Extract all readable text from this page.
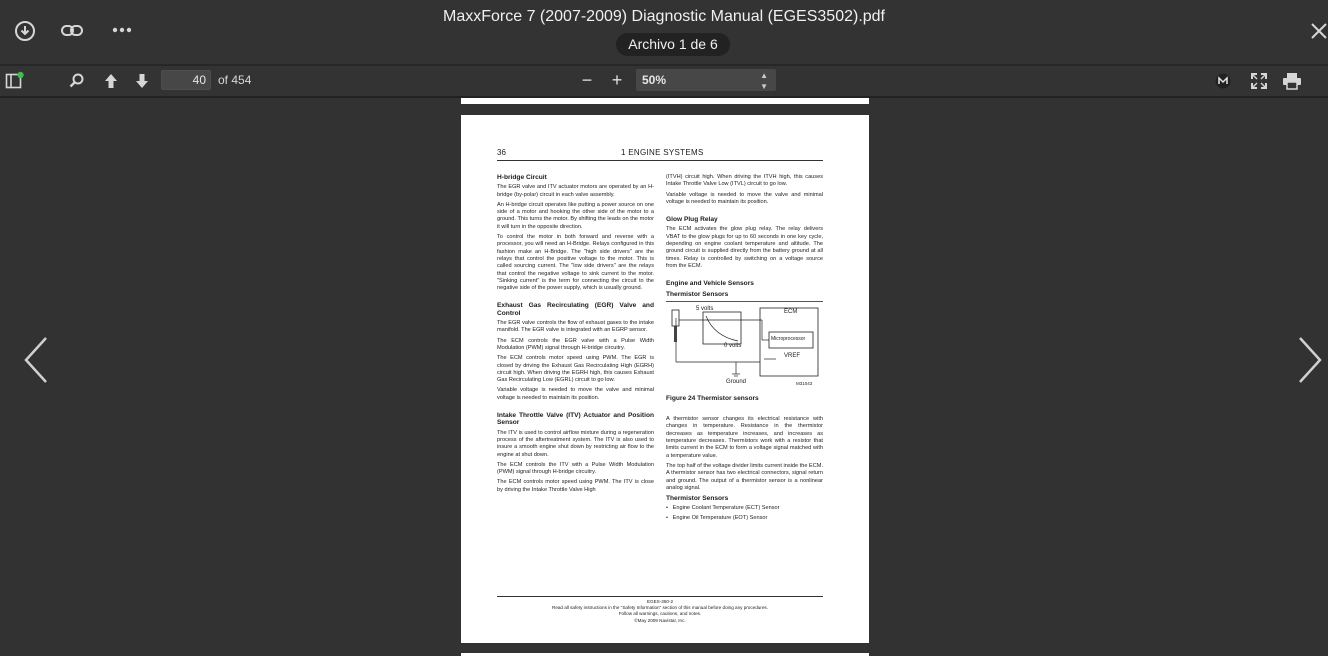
MaxxForce 7 (2007-2009) Diagnostic Manual (EGES3502).pdf
Archivo 1 de 6
40
of 454	− +	50%	▲
▼
36	1 ENGINE SYSTEMS
H-bridge Circuit

The EGR valve and ITV actuator motors are operated by an H-bridge (by-polar) circuit in each valve assembly.

An H-bridge circuit operates like putting a power source on one side of a motor and hooking the other side of the motor to a ground. This turns the motor. By shifting the leads on the motor it will turn in the opposite direction.

To control the motor in both forward and reverse with a processor, you will need an H-Bridge. Relays configured in this fashion make an H-Bridge. The "high side drivers" are the relays that control the positive voltage to the motor. This is called sourcing current. The "low side drivers" are the relays that control the negative voltage to sink current to the motor. "Sinking current" is the term for connecting the circuit to the negative side of the power supply, which is usually ground.

Exhaust Gas Recirculating (EGR) Valve and Control

The EGR valve controls the flow of exhaust gases to the intake manifold. The EGR valve is integrated with an EGRP sensor.

The ECM controls the EGR valve with a Pulse Width Modulation (PWM) signal through H-bridge circuitry.

The ECM controls motor speed using PWM. The EGR is closed by driving the Exhaust Gas Recirculating High (EGRH) circuit high. When driving the EGRH high, this causes Exhaust Gas Recirculating Low (EGRL) circuit to go low.

Variable voltage is needed to move the valve and minimal voltage is needed to maintain its position.

Intake Throttle Valve (ITV) Actuator and Position Sensor

The ITV is used to control airflow mixture during a regeneration process of the aftertreatment system. The ITV is also used to insure a smooth engine shut down by restricting air flow to the engine at shut down.

The ECM controls the ITV with a Pulse Width Modulation (PWM) signal through H-bridge circuitry.

The ECM controls motor speed using PWM. The ITV is close by driving the Intake Throttle Valve High

(ITVH) circuit high. When driving the ITVH high, this causes Intake Throttle Valve Low (ITVL) circuit to go low.

Variable voltage is needed to move the valve and minimal voltage is needed to maintain its position.

Glow Plug Relay

The ECM activates the glow plug relay. The relay delivers VBAT to the glow plugs for up to 60 seconds in one key cycle, depending on engine coolant temperature and altitude. The ground circuit is supplied directly from the battery ground at all times. Relay is controlled by switching on a voltage source from the ECM.

Engine and Vehicle Sensors
Thermistor Sensors
5 volts
0 volts
ECM
Microprocessor
VREF
Ground	M31043
Figure 24 Thermistor sensors

A thermistor sensor changes its electrical resistance with changes in temperature. Resistance in the thermistor decreases as temperature increases, and increases as temperature decreases. Thermistors work with a resistor that limits current in the ECM to form a voltage signal matched with a temperature value.

The top half of the voltage divider limits current inside the ECM. A thermistor sensor has two electrical connectors, signal return and ground. The output of a thermistor sensor is a nonlinear analog signal.

Thermistor Sensors

•   Engine Coolant Temperature (ECT) Sensor

•   Engine Oil Temperature (EOT) Sensor

EGES-350-2
Read all safety instructions in the "Safety Information" section of this manual before doing any procedures.
Follow all warnings, cautions, and notes.
©May 2009 Navistar, Inc.
